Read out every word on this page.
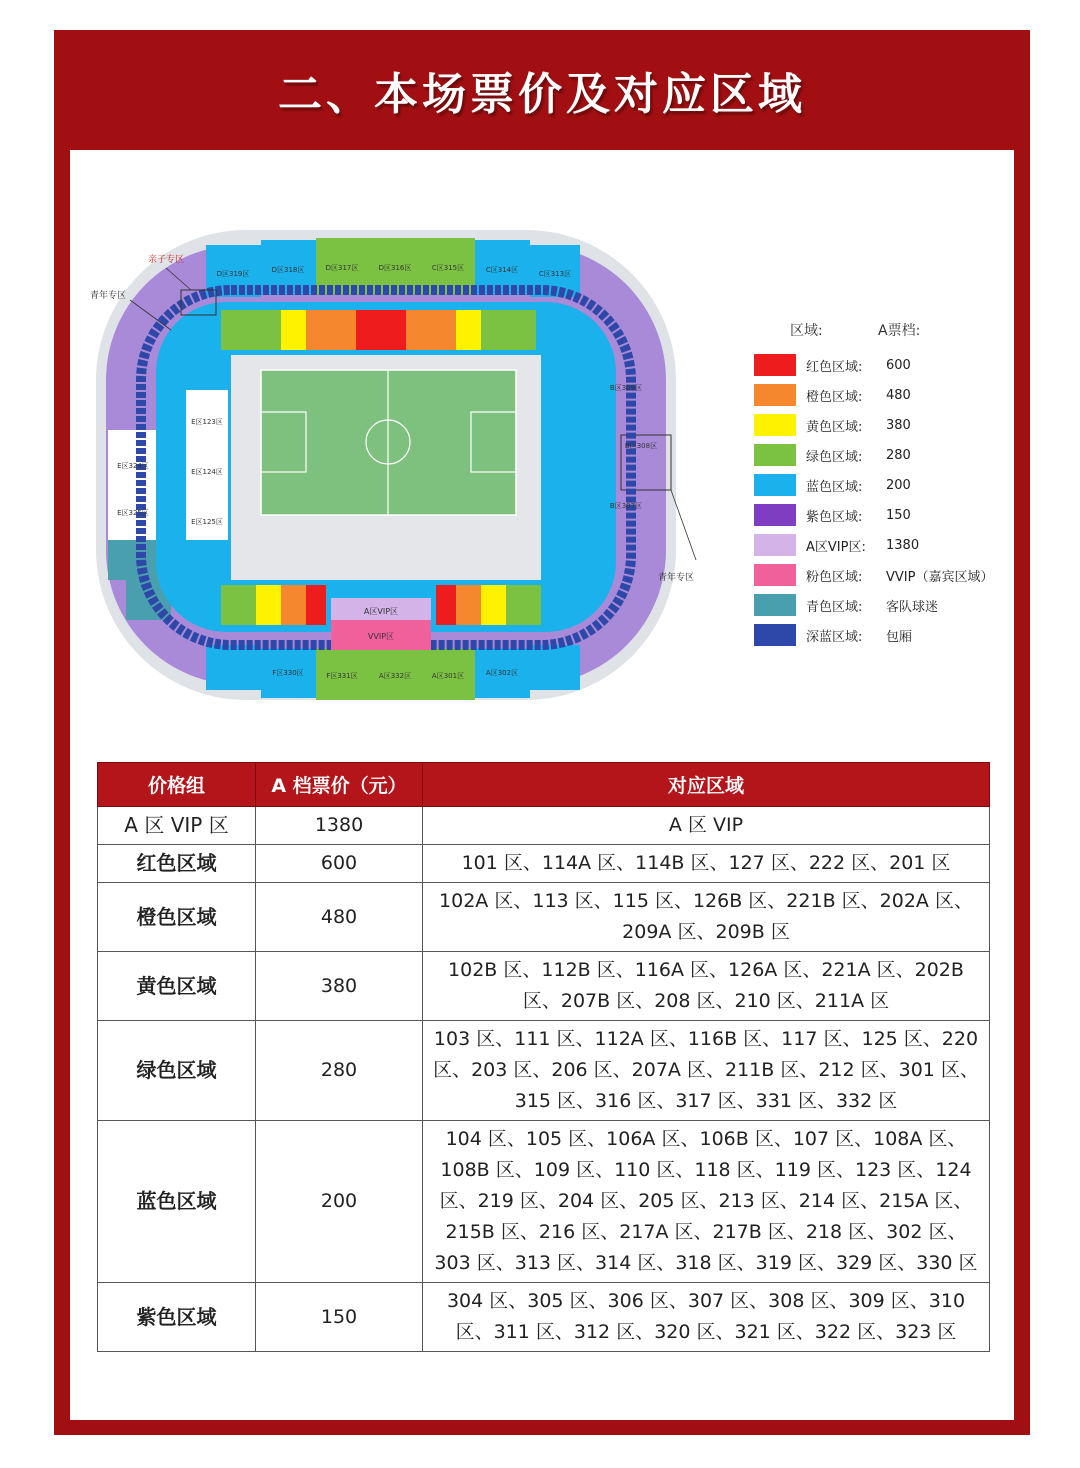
二、本场票价及对应区域
亲子专区
青年专区
青年专区
A区VIP区
VVIP区
D区318区	D区317区	D区316区	C区315区	C区314区	C区313区
D区319区
B区309区
B区308区
B区307区
E区324区
E区325区
F区330区	F区331区	A区332区	A区301区	A区302区
E区123区
E区124区
E区125区
区域:	A票档:
红色区域:	600
橙色区域:	480
黄色区域:	380
绿色区域:	280
蓝色区域:	200
紫色区域:	150
A区VIP区:	1380
粉色区域:	VVIP（嘉宾区域）
青色区域:	客队球迷
深蓝区域:	包厢
价格组	A 档票价（元）	对应区域
A 区 VIP 区	1380	A 区 VIP
红色区域	600	101 区、114A 区、114B 区、127 区、222 区、201 区
橙色区域	480	102A 区、113 区、115 区、126B 区、221B 区、202A 区、209A 区、209B 区
黄色区域	380	102B 区、112B 区、116A 区、126A 区、221A 区、202B 区、207B 区、208 区、210 区、211A 区
绿色区域	280	103 区、111 区、112A 区、116B 区、117 区、125 区、220 区、203 区、206 区、207A 区、211B 区、212 区、301 区、315 区、316 区、317 区、331 区、332 区
蓝色区域	200	104 区、105 区、106A 区、106B 区、107 区、108A 区、108B 区、109 区、110 区、118 区、119 区、123 区、124 区、219 区、204 区、205 区、213 区、214 区、215A 区、215B 区、216 区、217A 区、217B 区、218 区、302 区、303 区、313 区、314 区、318 区、319 区、329 区、330 区
紫色区域	150	304 区、305 区、306 区、307 区、308 区、309 区、310 区、311 区、312 区、320 区、321 区、322 区、323 区
